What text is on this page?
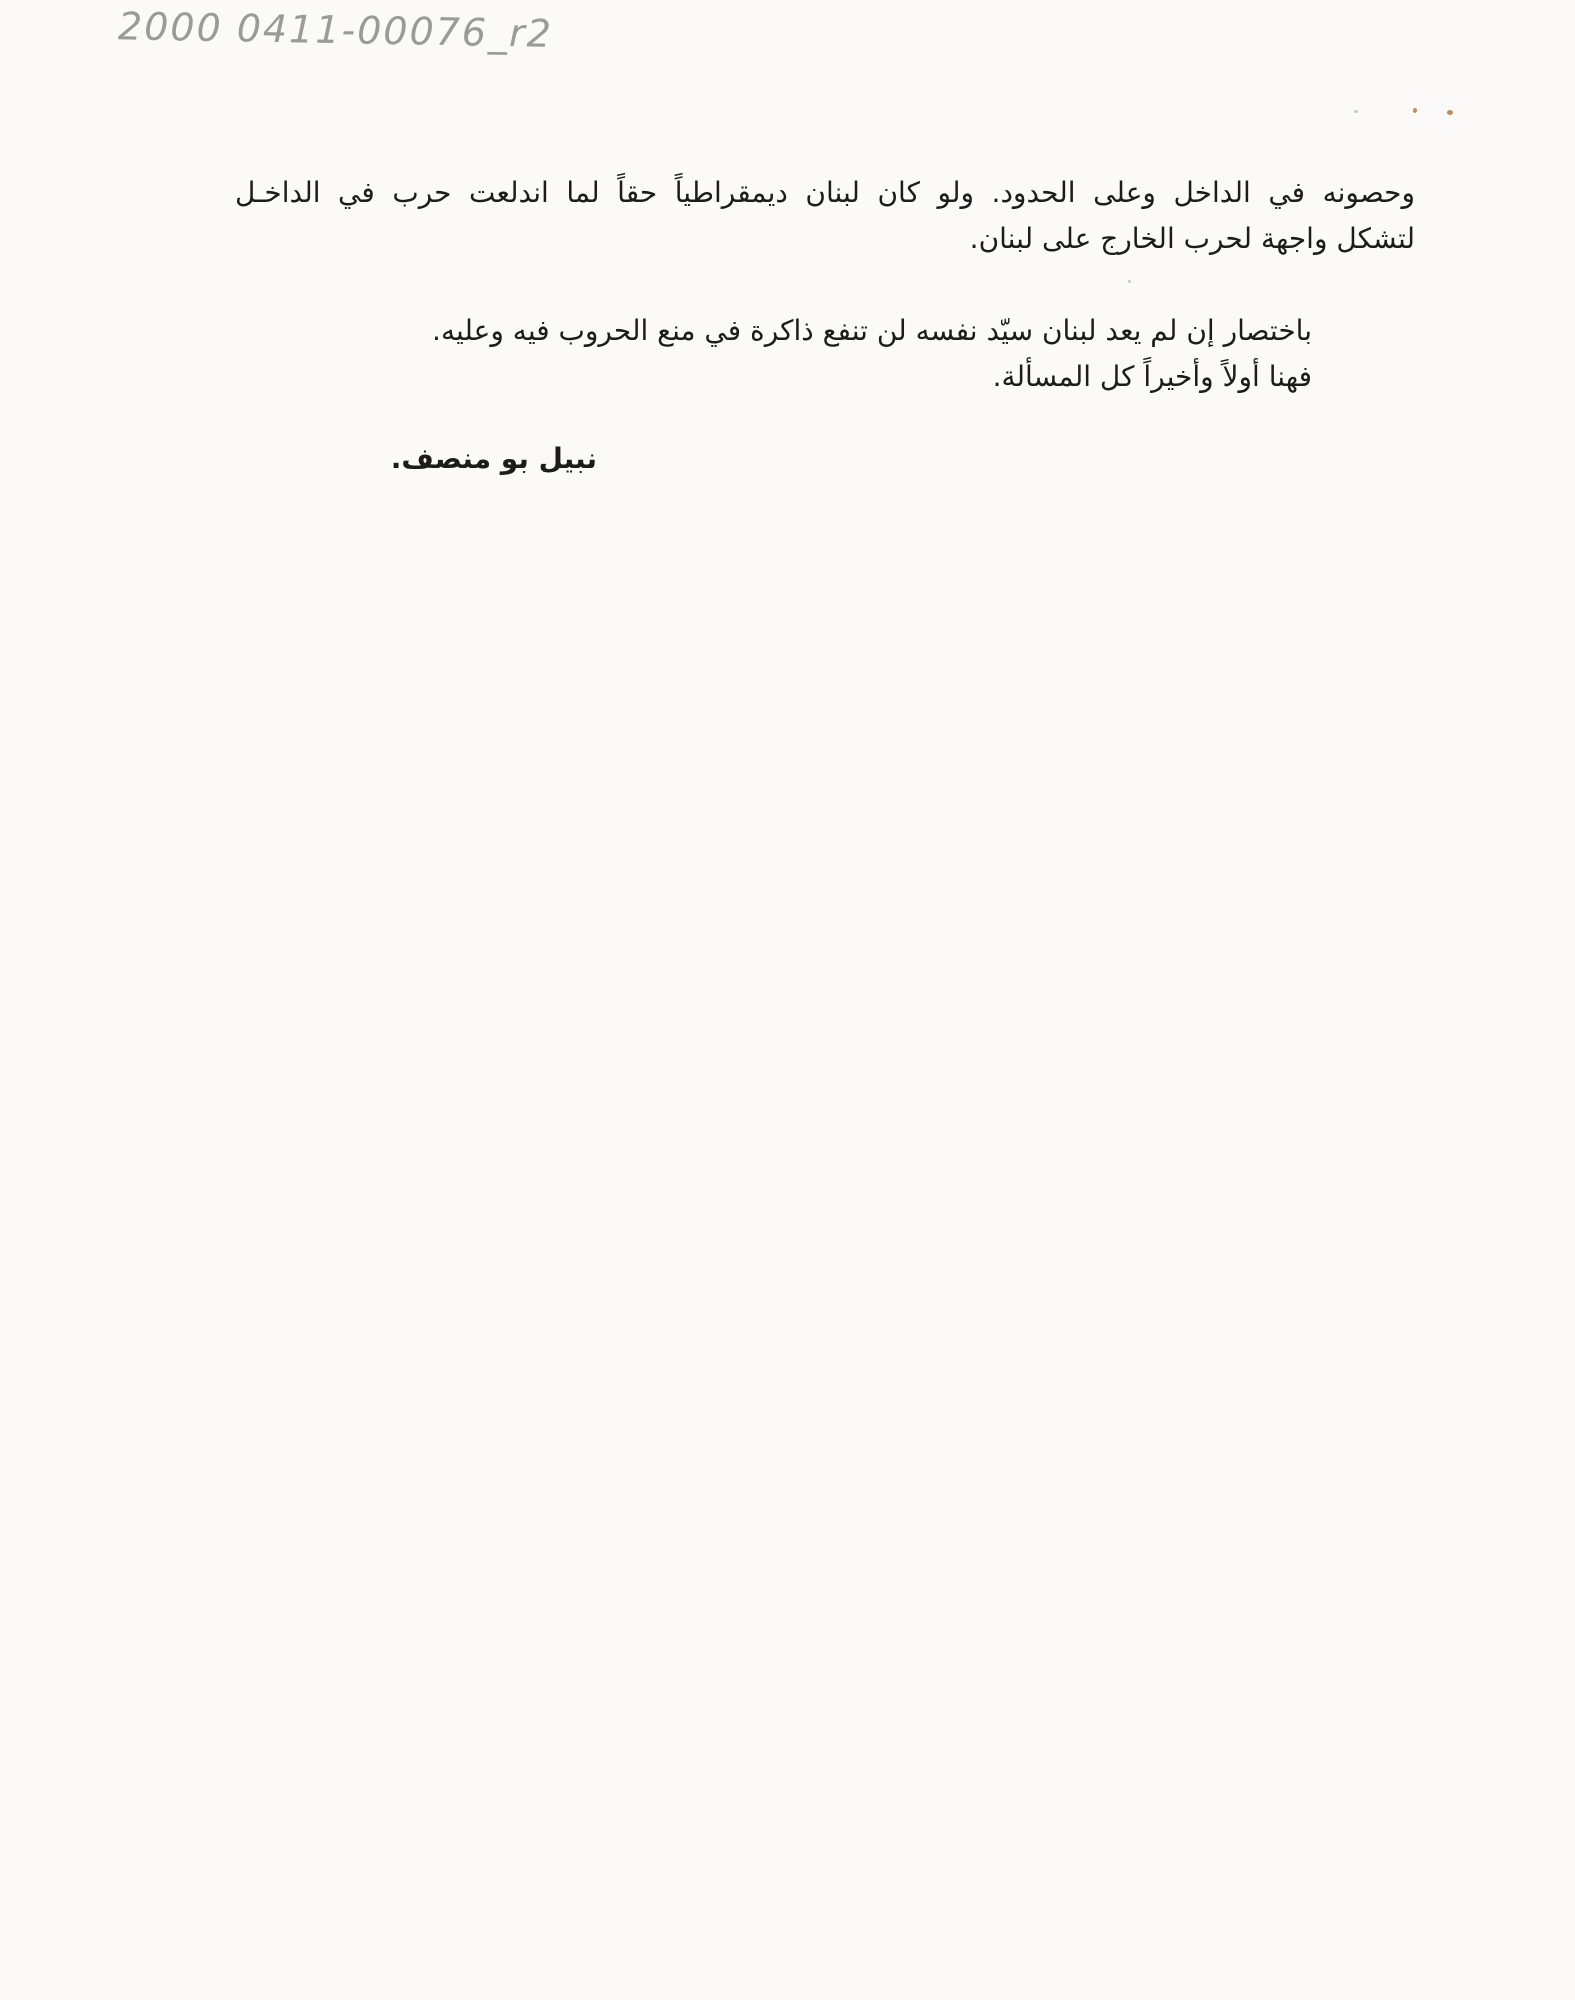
2000 0411-00076_r2
وحصونه في الداخل وعلى الحدود. ولو كان لبنان ديمقراطياً حقاً لما اندلعت حرب في الداخـل
لتشكل واجهة لحرب الخارج على لبنان.
باختصار إن لم يعد لبنان سيّد نفسه لن تنفع ذاكرة في منع الحروب فيه وعليه.
فهنا أولاً وأخيراً كل المسألة.
نبيل بو منصف.
